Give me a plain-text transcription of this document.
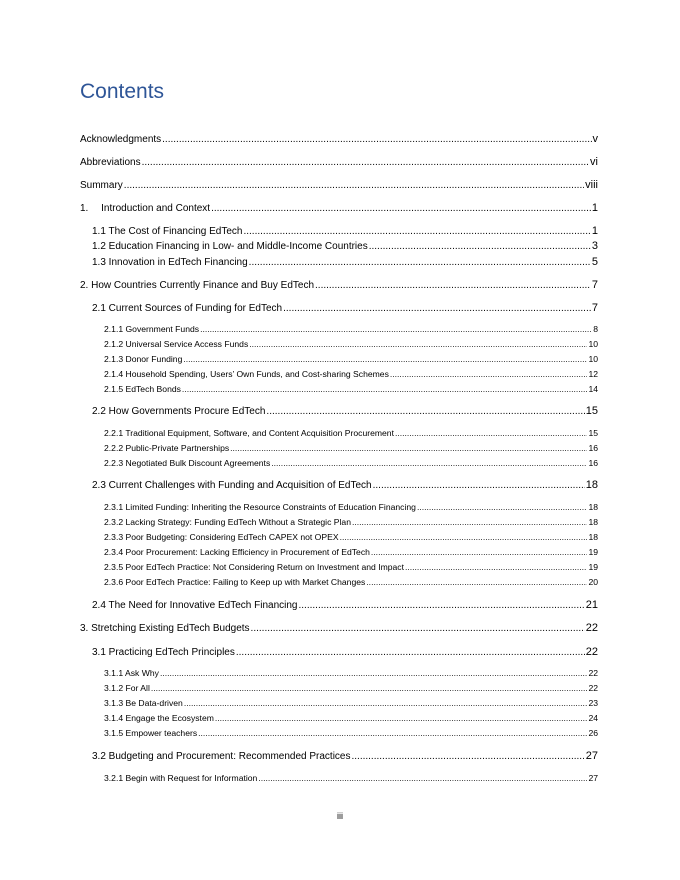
Contents
Acknowledgments .....	v
Abbreviations .....	vi
Summary .....	viii
1.  Introduction and Context .....	1
1.1 The Cost of Financing EdTech .....	1
1.2 Education Financing in Low- and Middle-Income Countries .....	3
1.3 Innovation in EdTech Financing .....	5
2. How Countries Currently Finance and Buy EdTech .....	7
2.1 Current Sources of Funding for EdTech .....	7
2.1.1 Government Funds .....	8
2.1.2 Universal Service Access Funds .....	10
2.1.3 Donor Funding .....	10
2.1.4 Household Spending, Users’ Own Funds, and Cost-sharing Schemes .....	12
2.1.5 EdTech Bonds .....	14
2.2 How Governments Procure EdTech .....	15
2.2.1 Traditional Equipment, Software, and Content Acquisition Procurement .....	15
2.2.2 Public-Private Partnerships .....	16
2.2.3 Negotiated Bulk Discount Agreements .....	16
2.3 Current Challenges with Funding and Acquisition of EdTech .....	18
2.3.1 Limited Funding: Inheriting the Resource Constraints of Education Financing .....	18
2.3.2 Lacking Strategy: Funding EdTech Without a Strategic Plan .....	18
2.3.3 Poor Budgeting: Considering EdTech CAPEX not OPEX .....	18
2.3.4 Poor Procurement: Lacking Efficiency in Procurement of EdTech .....	19
2.3.5 Poor EdTech Practice: Not Considering Return on Investment and Impact .....	19
2.3.6 Poor EdTech Practice: Failing to Keep up with Market Changes .....	20
2.4 The Need for Innovative EdTech Financing .....	21
3. Stretching Existing EdTech Budgets .....	22
3.1 Practicing EdTech Principles .....	22
3.1.1 Ask Why .....	22
3.1.2 For All .....	22
3.1.3 Be Data-driven .....	23
3.1.4 Engage the Ecosystem .....	24
3.1.5 Empower teachers .....	26
3.2 Budgeting and Procurement: Recommended Practices .....	27
3.2.1 Begin with Request for Information .....	27
iii
